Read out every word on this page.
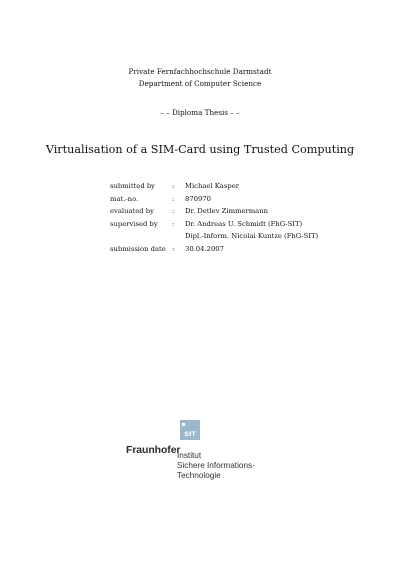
Private Fernfachhochschule Darmstadt
Department of Computer Science
– – Diploma Thesis – –
Virtualisation of a SIM-Card using Trusted Computing
submitted by	:	Michael Kasper
mat.-no.	:	870970
evaluated by	:	Dr. Detlev Zimmermann
supervised by	:	Dr. Andreas U. Schmidt (FhG-SIT)
		Dipl.-Inform. Nicolai Kuntze (FhG-SIT)
submission date	:	30.04.2007
SIT
Fraunhofer
Institut
Sichere Informations-
Technologie
